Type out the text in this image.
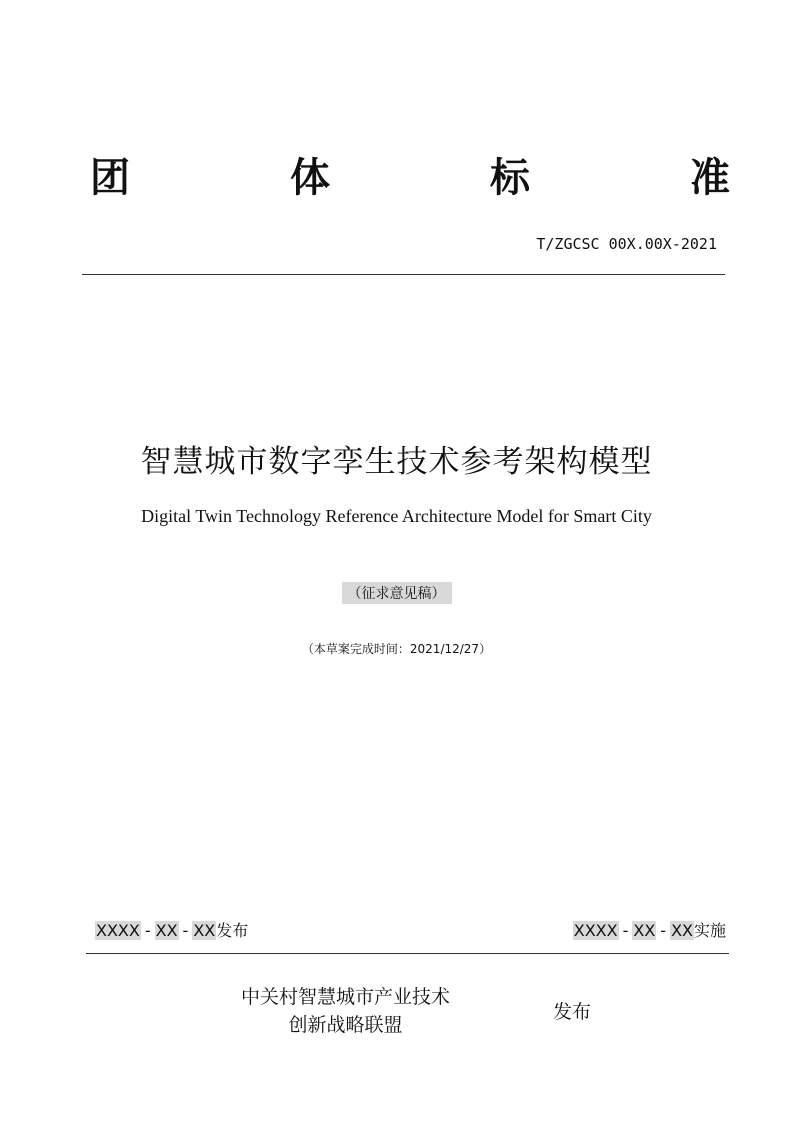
团	体	标	准
T/ZGCSC 00X.00X-2021
智慧城市数字孪生技术参考架构模型
Digital Twin Technology Reference Architecture Model for Smart City
（征求意见稿）
（本草案完成时间：2021/12/27）
XXXX - XX - XX发布	XXXX - XX - XX实施
中关村智慧城市产业技术
创新战略联盟
发布
